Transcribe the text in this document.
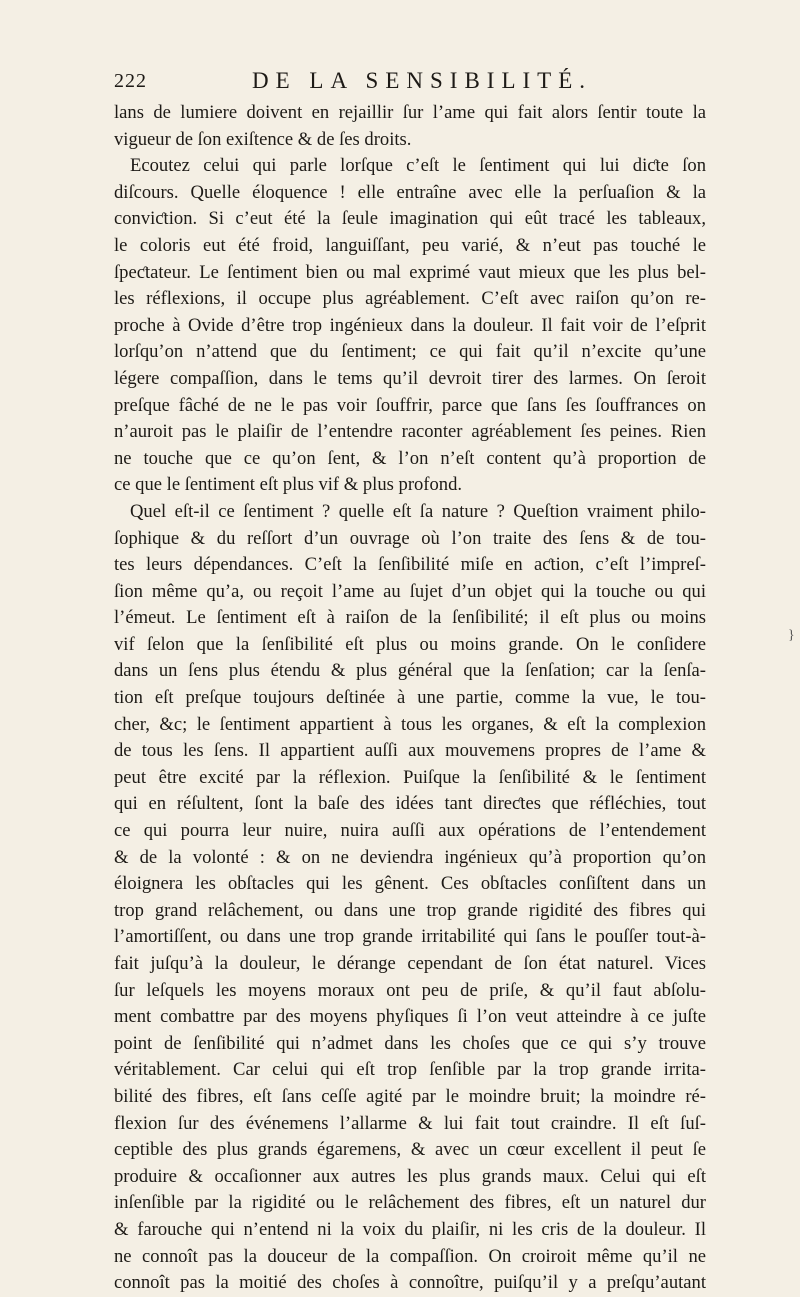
222	DE LA SENSIBILITÉ.
lans de lumiere doivent en rejaillir ſur l’ame qui fait alors ſentir toute la
vigueur de ſon exiſtence & de ſes droits.
Ecoutez celui qui parle lorſque c’eſt le ſentiment qui lui diƈte ſon
diſcours. Quelle éloquence ! elle entraîne avec elle la perſuaſion & la
conviƈtion. Si c’eut été la ſeule imagination qui eût tracé les tableaux,
le coloris eut été froid, languiſſant, peu varié, & n’eut pas touché le
ſpeƈtateur. Le ſentiment bien ou mal exprimé vaut mieux que les plus bel-
les réflexions, il occupe plus agréablement. C’eſt avec raiſon qu’on re-
proche à Ovide d’être trop ingénieux dans la douleur. Il fait voir de l’eſprit
lorſqu’on n’attend que du ſentiment; ce qui fait qu’il n’excite qu’une
légere compaſſion, dans le tems qu’il devroit tirer des larmes. On ſeroit
preſque fâché de ne le pas voir ſouffrir, parce que ſans ſes ſouffrances on
n’auroit pas le plaiſir de l’entendre raconter agréablement ſes peines. Rien
ne touche que ce qu’on ſent, & l’on n’eſt content qu’à proportion de
ce que le ſentiment eſt plus vif & plus profond.
Quel eſt-il ce ſentiment ? quelle eſt ſa nature ? Queſtion vraiment philo-
ſophique & du reſſort d’un ouvrage où l’on traite des ſens & de tou-
tes leurs dépendances. C’eſt la ſenſibilité miſe en aƈtion, c’eſt l’impreſ-
ſion même qu’a, ou reçoit l’ame au ſujet d’un objet qui la touche ou qui
l’émeut. Le ſentiment eſt à raiſon de la ſenſibilité; il eſt plus ou moins
vif ſelon que la ſenſibilité eſt plus ou moins grande. On le conſidere
dans un ſens plus étendu & plus général que la ſenſation; car la ſenſa-
tion eſt preſque toujours deſtinée à une partie, comme la vue, le tou-
cher, &c; le ſentiment appartient à tous les organes, & eſt la complexion
de tous les ſens. Il appartient auſſi aux mouvemens propres de l’ame &
peut être excité par la réflexion. Puiſque la ſenſibilité & le ſentiment
qui en réſultent, ſont la baſe des idées tant direƈtes que réfléchies, tout
ce qui pourra leur nuire, nuira auſſi aux opérations de l’entendement
& de la volonté : & on ne deviendra ingénieux qu’à proportion qu’on
éloignera les obſtacles qui les gênent. Ces obſtacles conſiſtent dans un
trop grand relâchement, ou dans une trop grande rigidité des fibres qui
l’amortiſſent, ou dans une trop grande irritabilité qui ſans le pouſſer tout-à-
fait juſqu’à la douleur, le dérange cependant de ſon état naturel. Vices
ſur leſquels les moyens moraux ont peu de priſe, & qu’il faut abſolu-
ment combattre par des moyens phyſiques ſi l’on veut atteindre à ce juſte
point de ſenſibilité qui n’admet dans les choſes que ce qui s’y trouve
véritablement. Car celui qui eſt trop ſenſible par la trop grande irrita-
bilité des fibres, eſt ſans ceſſe agité par le moindre bruit; la moindre ré-
flexion ſur des événemens l’allarme & lui fait tout craindre. Il eſt ſuſ-
ceptible des plus grands égaremens, & avec un cœur excellent il peut ſe
produire & occaſionner aux autres les plus grands maux. Celui qui eſt
inſenſible par la rigidité ou le relâchement des fibres, eſt un naturel dur
& farouche qui n’entend ni la voix du plaiſir, ni les cris de la douleur. Il
ne connoît pas la douceur de la compaſſion. On croiroit même qu’il ne
connoît pas la moitié des choſes à connoître, puiſqu’il y a preſqu’autant
}
